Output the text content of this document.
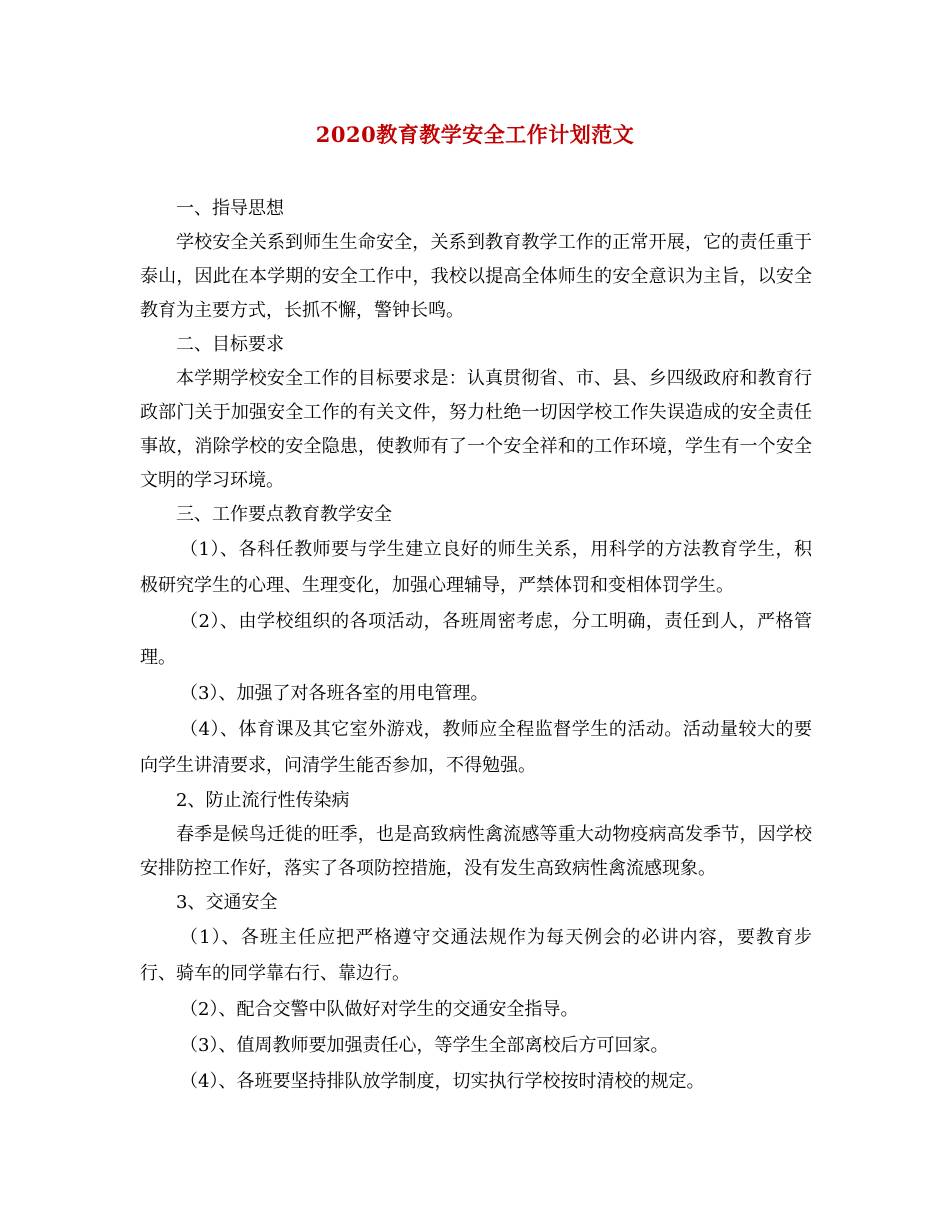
2020教育教学安全工作计划范文

一、指导思想

学校安全关系到师生生命安全，关系到教育教学工作的正常开展，它的责任重于泰山，因此在本学期的安全工作中，我校以提高全体师生的安全意识为主旨，以安全教育为主要方式，长抓不懈，警钟长鸣。

二、目标要求

本学期学校安全工作的目标要求是：认真贯彻省、市、县、乡四级政府和教育行政部门关于加强安全工作的有关文件，努力杜绝一切因学校工作失误造成的安全责任事故，消除学校的安全隐患，使教师有了一个安全祥和的工作环境，学生有一个安全文明的学习环境。

三、工作要点教育教学安全

（1）、各科任教师要与学生建立良好的师生关系，用科学的方法教育学生，积极研究学生的心理、生理变化，加强心理辅导，严禁体罚和变相体罚学生。

（2）、由学校组织的各项活动，各班周密考虑，分工明确，责任到人，严格管理。

（3）、加强了对各班各室的用电管理。

（4）、体育课及其它室外游戏，教师应全程监督学生的活动。活动量较大的要向学生讲清要求，问清学生能否参加，不得勉强。

2、防止流行性传染病

春季是候鸟迁徙的旺季，也是高致病性禽流感等重大动物疫病高发季节，因学校安排防控工作好，落实了各项防控措施，没有发生高致病性禽流感现象。

3、交通安全

（1）、各班主任应把严格遵守交通法规作为每天例会的必讲内容，要教育步行、骑车的同学靠右行、靠边行。

（2）、配合交警中队做好对学生的交通安全指导。

（3）、值周教师要加强责任心，等学生全部离校后方可回家。

（4）、各班要坚持排队放学制度，切实执行学校按时清校的规定。
